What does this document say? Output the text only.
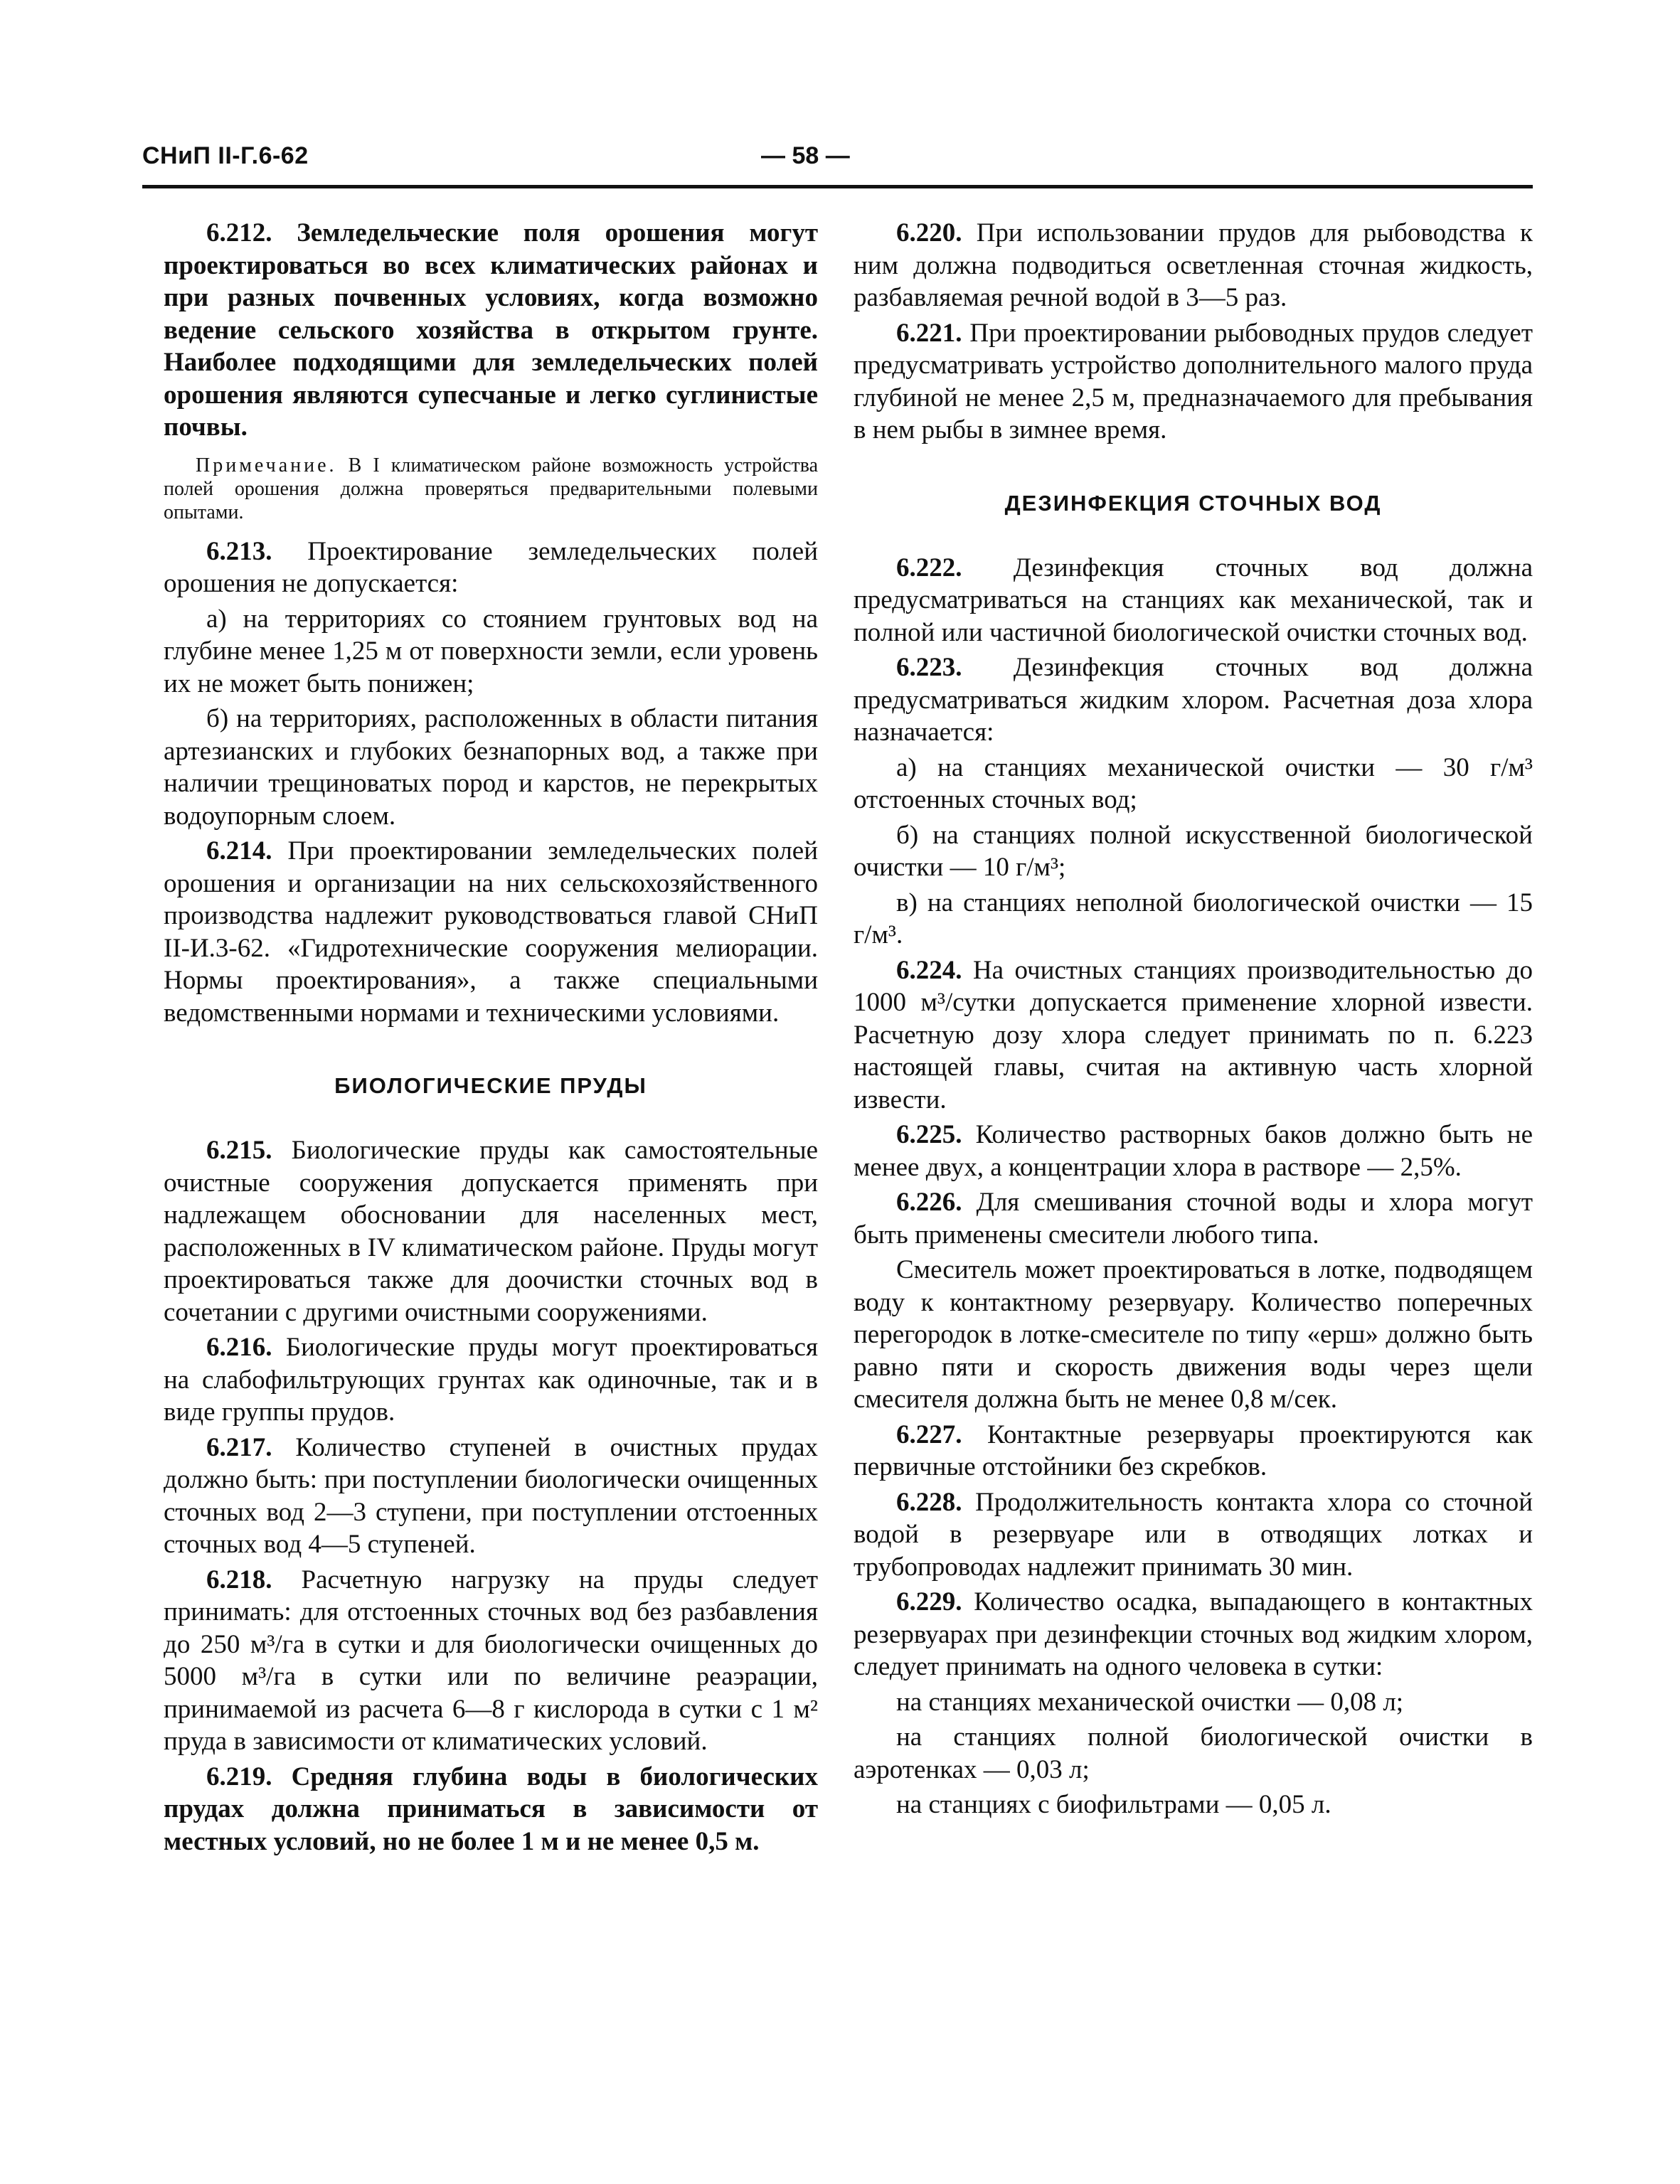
СНиП II-Г.6-62	— 58 —

6.212. Земледельческие поля орошения могут проектироваться во всех климатических районах и при разных почвенных условиях, когда возможно ведение сельского хозяйства в открытом грунте. Наиболее подходящими для земледельческих полей орошения являются супесчаные и легко суглинистые почвы.

Примечание. В I климатическом районе возможность устройства полей орошения должна проверяться предварительными полевыми опытами.

6.213. Проектирование земледельческих полей орошения не допускается:

а) на территориях со стоянием грунтовых вод на глубине менее 1,25 м от поверхности земли, если уровень их не может быть понижен;

б) на территориях, расположенных в области питания артезианских и глубоких безнапорных вод, а также при наличии трещиноватых пород и карстов, не перекрытых водоупорным слоем.

6.214. При проектировании земледельческих полей орошения и организации на них сельскохозяйственного производства надлежит руководствоваться главой СНиП II-И.3-62. «Гидротехнические сооружения мелиорации. Нормы проектирования», а также специальными ведомственными нормами и техническими условиями.

БИОЛОГИЧЕСКИЕ ПРУДЫ

6.215. Биологические пруды как самостоятельные очистные сооружения допускается применять при надлежащем обосновании для населенных мест, расположенных в IV климатическом районе. Пруды могут проектироваться также для доочистки сточных вод в сочетании с другими очистными сооружениями.

6.216. Биологические пруды могут проектироваться на слабофильтрующих грунтах как одиночные, так и в виде группы прудов.

6.217. Количество ступеней в очистных прудах должно быть: при поступлении биологически очищенных сточных вод 2—3 ступени, при поступлении отстоенных сточных вод 4—5 ступеней.

6.218. Расчетную нагрузку на пруды следует принимать: для отстоенных сточных вод без разбавления до 250 м³/га в сутки и для биологически очищенных до 5000 м³/га в сутки или по величине реаэрации, принимаемой из расчета 6—8 г кислорода в сутки с 1 м² пруда в зависимости от климатических условий.

6.219. Средняя глубина воды в биологических прудах должна приниматься в зависимости от местных условий, но не более 1 м и не менее 0,5 м.

6.220. При использовании прудов для рыбоводства к ним должна подводиться осветленная сточная жидкость, разбавляемая речной водой в 3—5 раз.

6.221. При проектировании рыбоводных прудов следует предусматривать устройство дополнительного малого пруда глубиной не менее 2,5 м, предназначаемого для пребывания в нем рыбы в зимнее время.

ДЕЗИНФЕКЦИЯ СТОЧНЫХ ВОД

6.222. Дезинфекция сточных вод должна предусматриваться на станциях как механической, так и полной или частичной биологической очистки сточных вод.

6.223. Дезинфекция сточных вод должна предусматриваться жидким хлором. Расчетная доза хлора назначается:

а) на станциях механической очистки — 30 г/м³ отстоенных сточных вод;

б) на станциях полной искусственной биологической очистки — 10 г/м³;

в) на станциях неполной биологической очистки — 15 г/м³.

6.224. На очистных станциях производительностью до 1000 м³/сутки допускается применение хлорной извести. Расчетную дозу хлора следует принимать по п. 6.223 настоящей главы, считая на активную часть хлорной извести.

6.225. Количество растворных баков должно быть не менее двух, а концентрации хлора в растворе — 2,5%.

6.226. Для смешивания сточной воды и хлора могут быть применены смесители любого типа.

Смеситель может проектироваться в лотке, подводящем воду к контактному резервуару. Количество поперечных перегородок в лотке-смесителе по типу «ерш» должно быть равно пяти и скорость движения воды через щели смесителя должна быть не менее 0,8 м/сек.

6.227. Контактные резервуары проектируются как первичные отстойники без скребков.

6.228. Продолжительность контакта хлора со сточной водой в резервуаре или в отводящих лотках и трубопроводах надлежит принимать 30 мин.

6.229. Количество осадка, выпадающего в контактных резервуарах при дезинфекции сточных вод жидким хлором, следует принимать на одного человека в сутки:

на станциях механической очистки — 0,08 л;

на станциях полной биологической очистки в аэротенках — 0,03 л;

на станциях с биофильтрами — 0,05 л.
